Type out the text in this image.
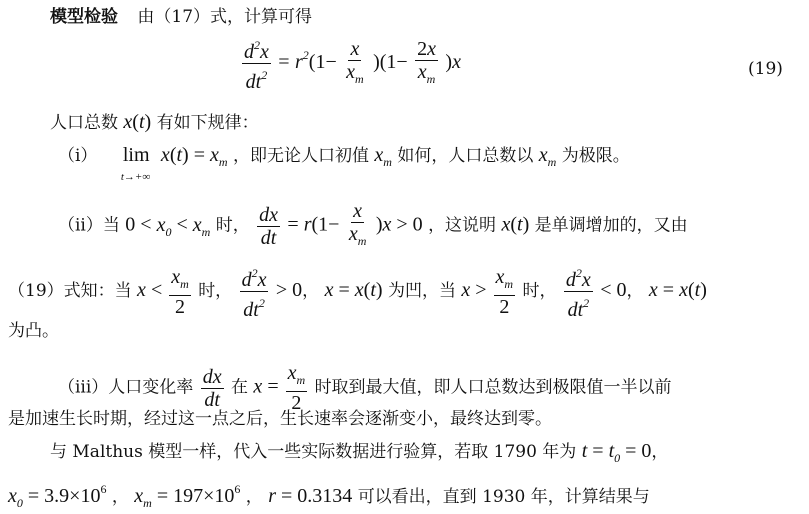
模型检验 由（17）式，计算可得
$\frac{d^2x}{dt^2} = r^2(1- \frac{x}{x_m} )(1- \frac{2x}{x_m} )x$	(19)
人口总数 x(t) 有如下规律：
（i） lim
t→+∞
$x(t) = x_m$ ，即无论人口初值 $x_m$ 如何，人口总数以 $x_m$ 为极限。
（ii）当 $0 < x_0 < x_m$ 时， $\frac{dx}{dt} = r(1- \frac{x}{x_m} )x > 0$ ，这说明 x(t) 是单调增加的，又由
（19）式知：当 $x < \frac{x_m}{2}$ 时， $\frac{d^2x}{dt^2} > 0$， x = x(t) 为凹，当 $x > \frac{x_m}{2}$ 时， $\frac{d^2x}{dt^2} < 0$， x = x(t)
为凸。
（iii）人口变化率 $\frac{dx}{dt}$ 在 $x = \frac{x_m}{2}$ 时取到最大值，即人口总数达到极限值一半以前
是加速生长时期，经过这一点之后，生长速率会逐渐变小，最终达到零。
与 Malthus 模型一样，代入一些实际数据进行验算，若取 1790 年为 $t = t_0 = 0$，
$x_0 = 3.9\times 10^6$ ， $x_m = 197\times 10^6$ ， r = 0.3134 可以看出，直到 1930 年，计算结果与
